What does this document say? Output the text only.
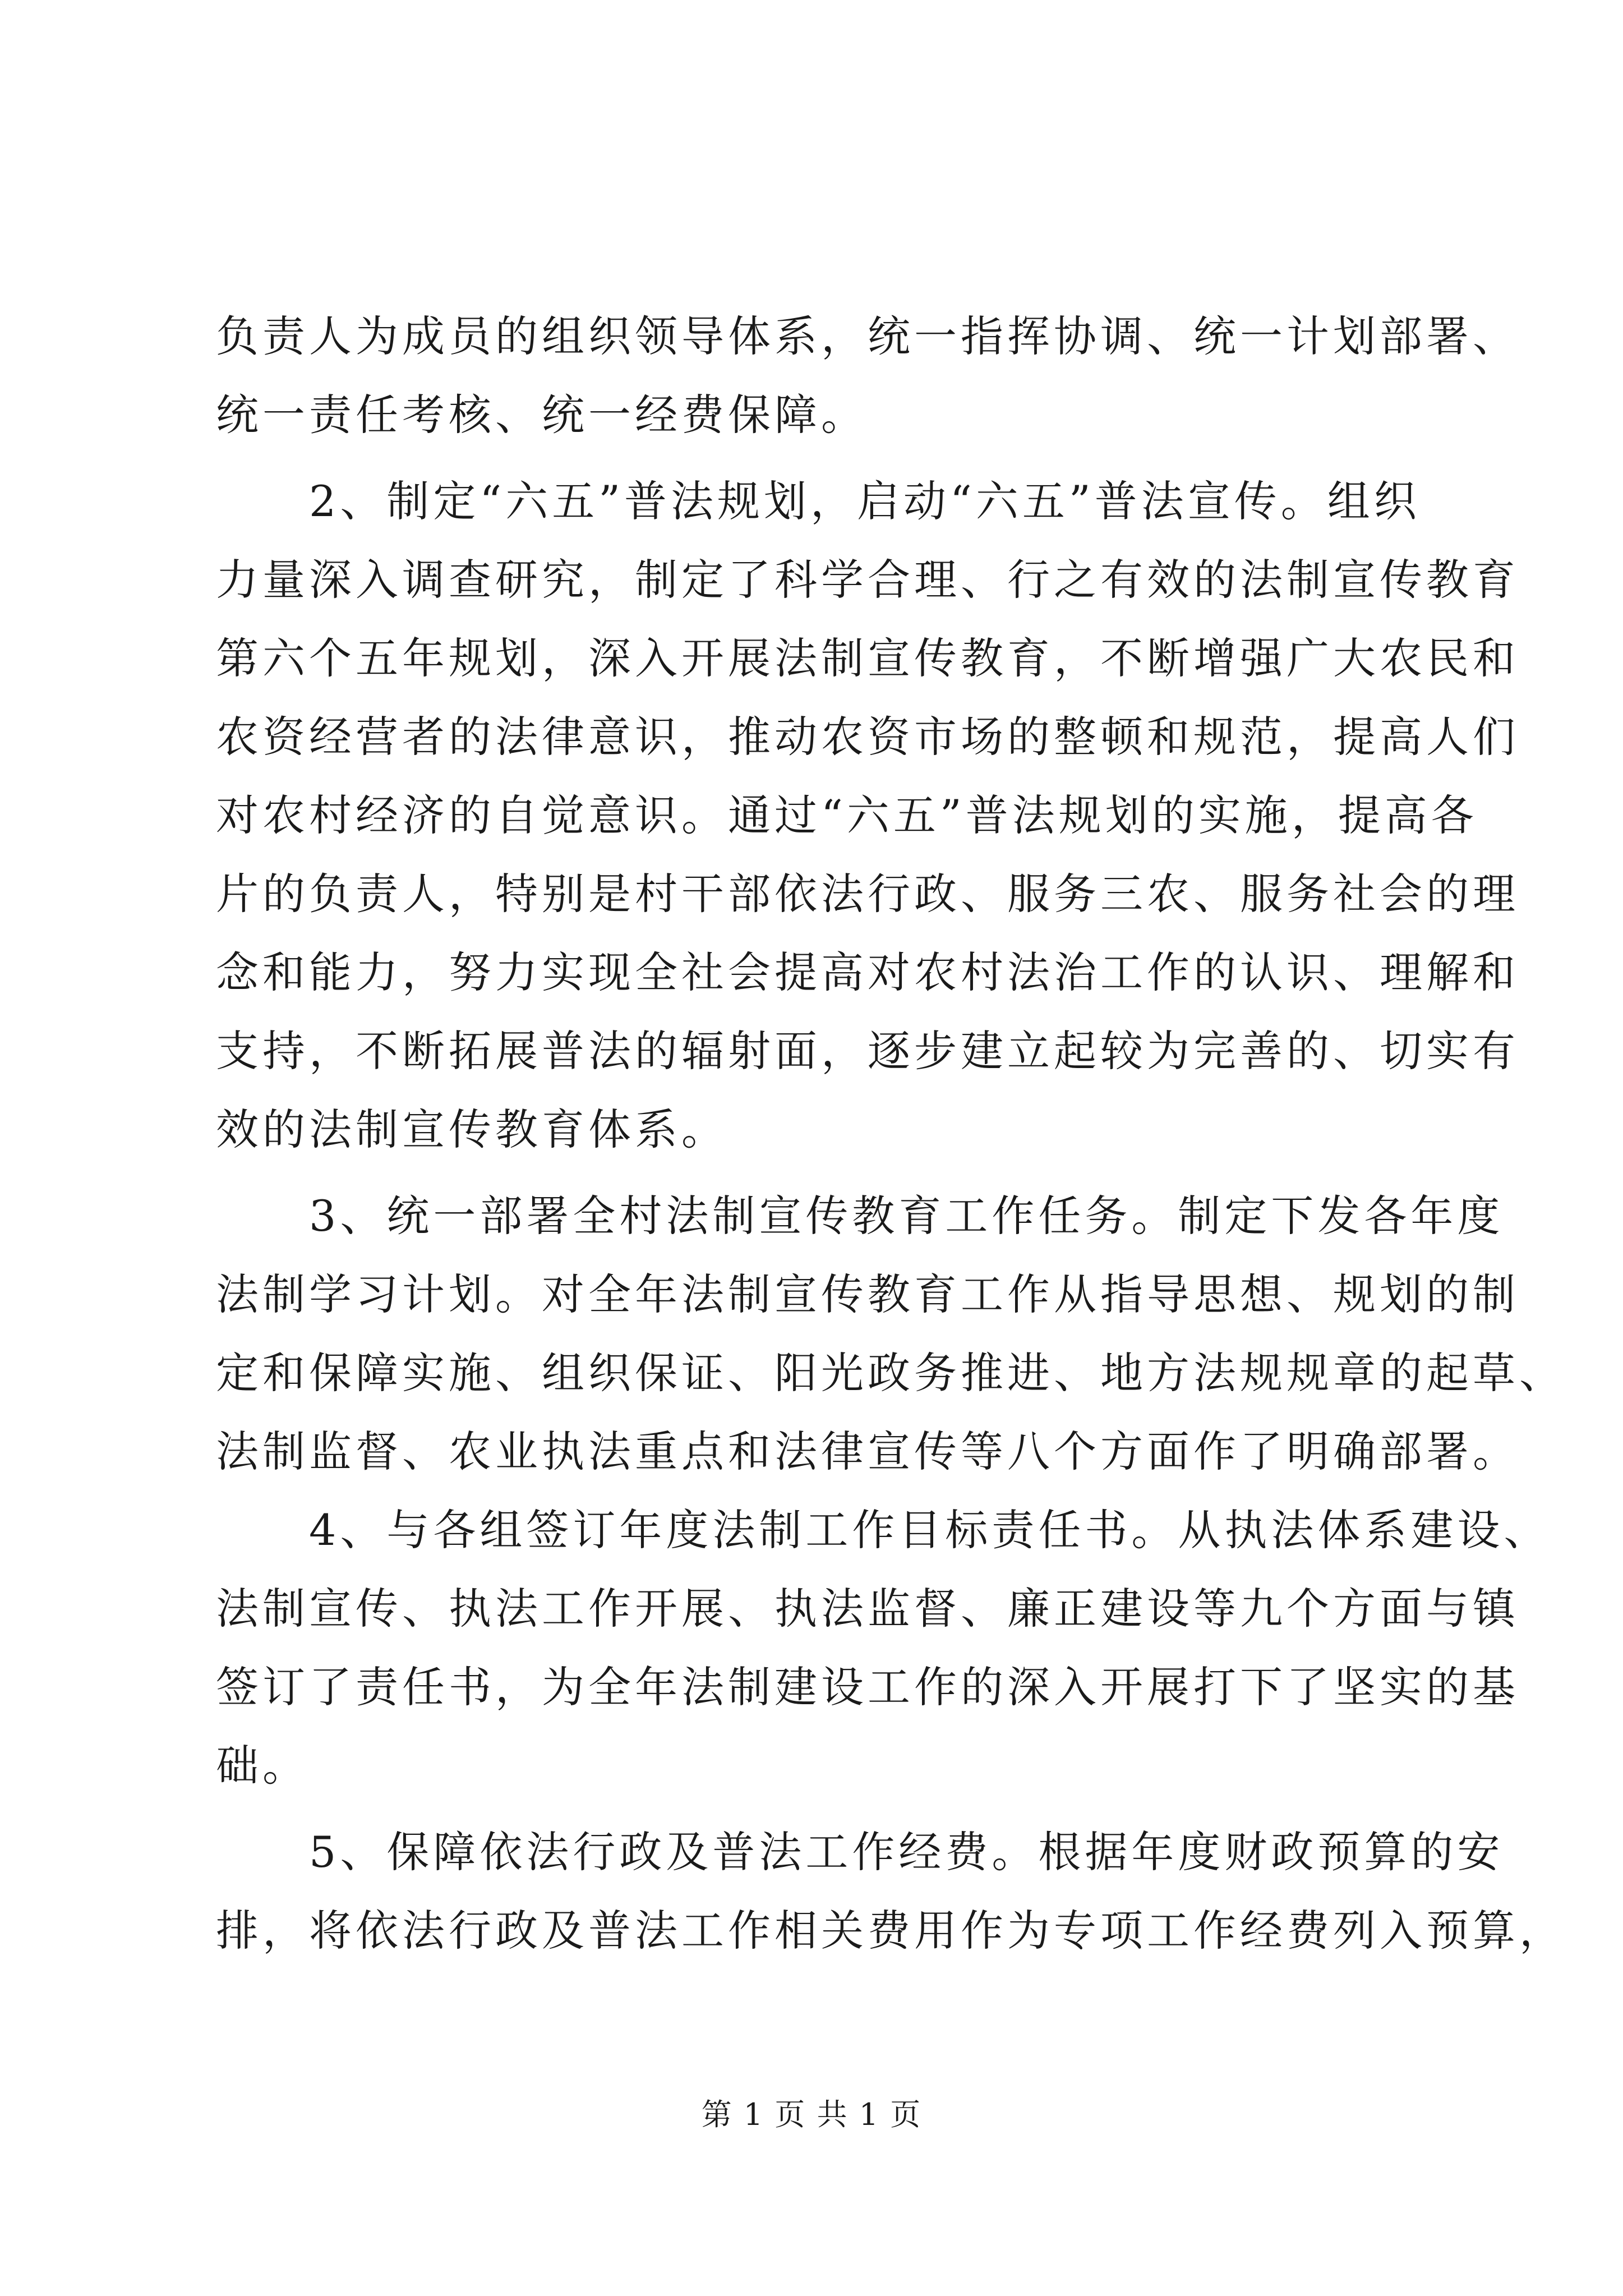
负责人为成员的组织领导体系，统一指挥协调、统一计划部署、
统一责任考核、统一经费保障。
　　2、制定“六五”普法规划，启动“六五”普法宣传。组织
力量深入调查研究，制定了科学合理、行之有效的法制宣传教育
第六个五年规划，深入开展法制宣传教育，不断增强广大农民和
农资经营者的法律意识，推动农资市场的整顿和规范，提高人们
对农村经济的自觉意识。通过“六五”普法规划的实施，提高各
片的负责人，特别是村干部依法行政、服务三农、服务社会的理
念和能力，努力实现全社会提高对农村法治工作的认识、理解和
支持，不断拓展普法的辐射面，逐步建立起较为完善的、切实有
效的法制宣传教育体系。
　　3、统一部署全村法制宣传教育工作任务。制定下发各年度
法制学习计划。对全年法制宣传教育工作从指导思想、规划的制
定和保障实施、组织保证、阳光政务推进、地方法规规章的起草、
法制监督、农业执法重点和法律宣传等八个方面作了明确部署。
　　4、与各组签订年度法制工作目标责任书。从执法体系建设、
法制宣传、执法工作开展、执法监督、廉正建设等九个方面与镇
签订了责任书，为全年法制建设工作的深入开展打下了坚实的基
础。
　　5、保障依法行政及普法工作经费。根据年度财政预算的安
排，将依法行政及普法工作相关费用作为专项工作经费列入预算，
第 1 页 共 1 页
